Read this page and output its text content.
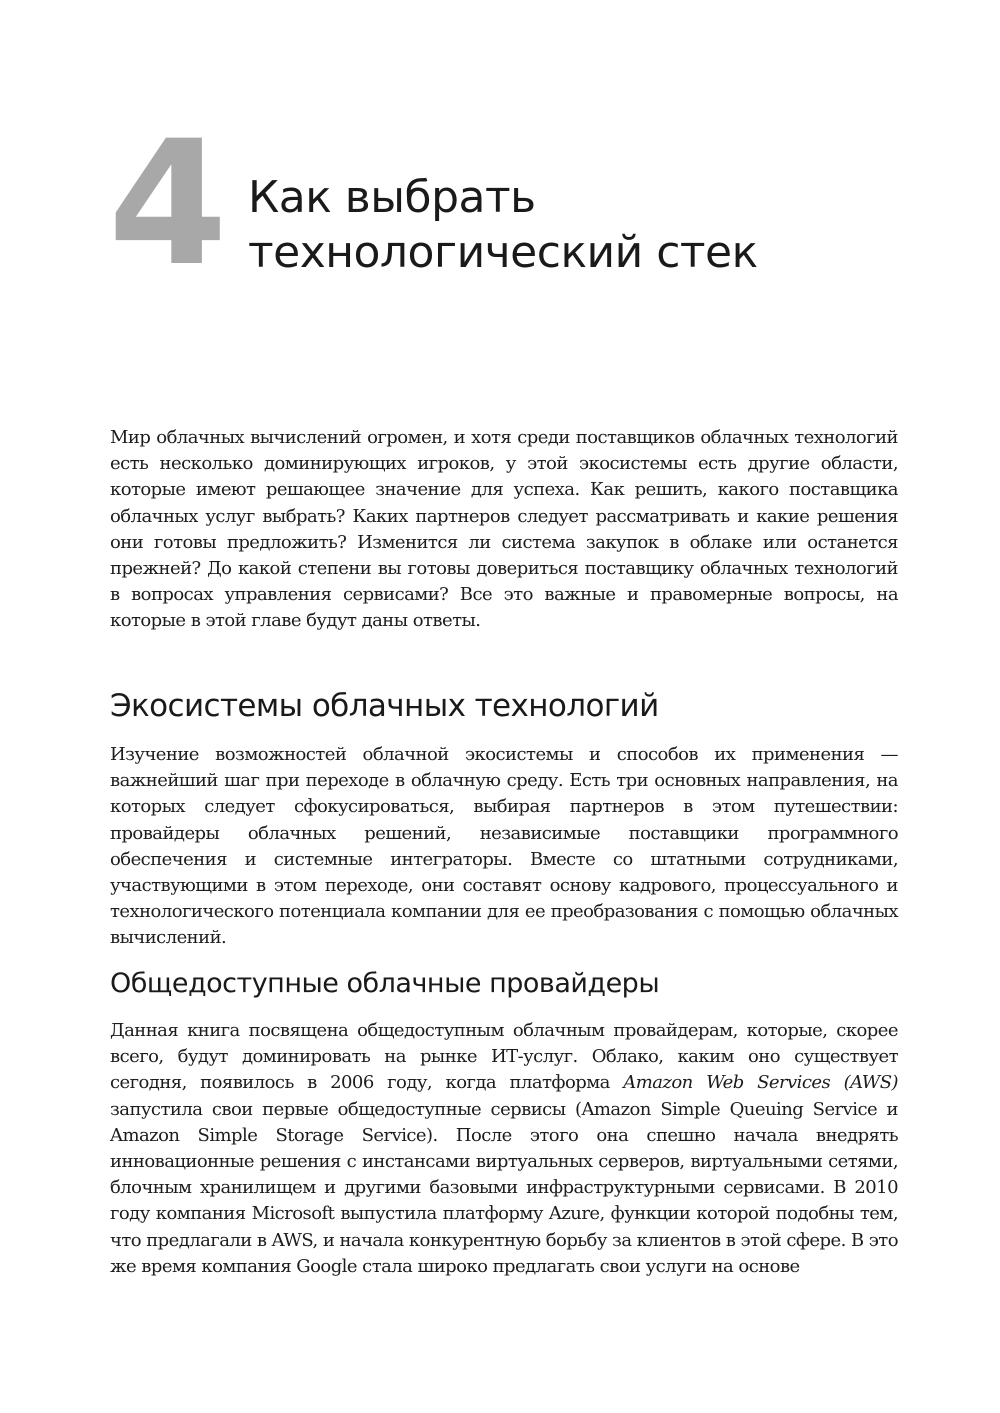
4 Как выбрать
технологический стек

Мир облачных вычислений огромен, и хотя среди поставщиков облачных технологий есть несколько доминирующих игроков, у этой экосистемы есть другие области, которые имеют решающее значение для успеха. Как решить, какого поставщика облачных услуг выбрать? Каких партнеров следует рассматривать и какие решения они готовы предложить? Изменится ли система закупок в облаке или останется прежней? До какой степени вы готовы довериться поставщику облачных технологий в вопросах управления сервисами? Все это важные и правомерные вопросы, на которые в этой главе будут даны ответы.

Экосистемы облачных технологий

Изучение возможностей облачной экосистемы и способов их применения — важнейший шаг при переходе в облачную среду. Есть три основных направления, на которых следует сфокусироваться, выбирая партнеров в этом путешествии: провайдеры облачных решений, независимые поставщики программного обеспечения и системные интеграторы. Вместе со штатными сотрудниками, участвующими в этом переходе, они составят основу кадрового, процессуального и технологического потенциала компании для ее преобразования с помощью облачных вычислений.

Общедоступные облачные провайдеры

Данная книга посвящена общедоступным облачным провайдерам, которые, скорее всего, будут доминировать на рынке ИТ-услуг. Облако, каким оно существует сегодня, появилось в 2006 году, когда платформа Amazon Web Services (AWS) запустила свои первые общедоступные сервисы (Amazon Simple Queuing Service и Amazon Simple Storage Service). После этого она спешно начала внедрять инновационные решения с инстансами виртуальных серверов, виртуальными сетями, блочным хранилищем и другими базовыми инфраструктурными сервисами. В 2010 году компания Microsoft выпустила платформу Azure, функции которой подобны тем, что предлагали в AWS, и начала конкурентную борьбу за клиентов в этой сфере. В это же время компания Google стала широко предлагать свои услуги на основе
